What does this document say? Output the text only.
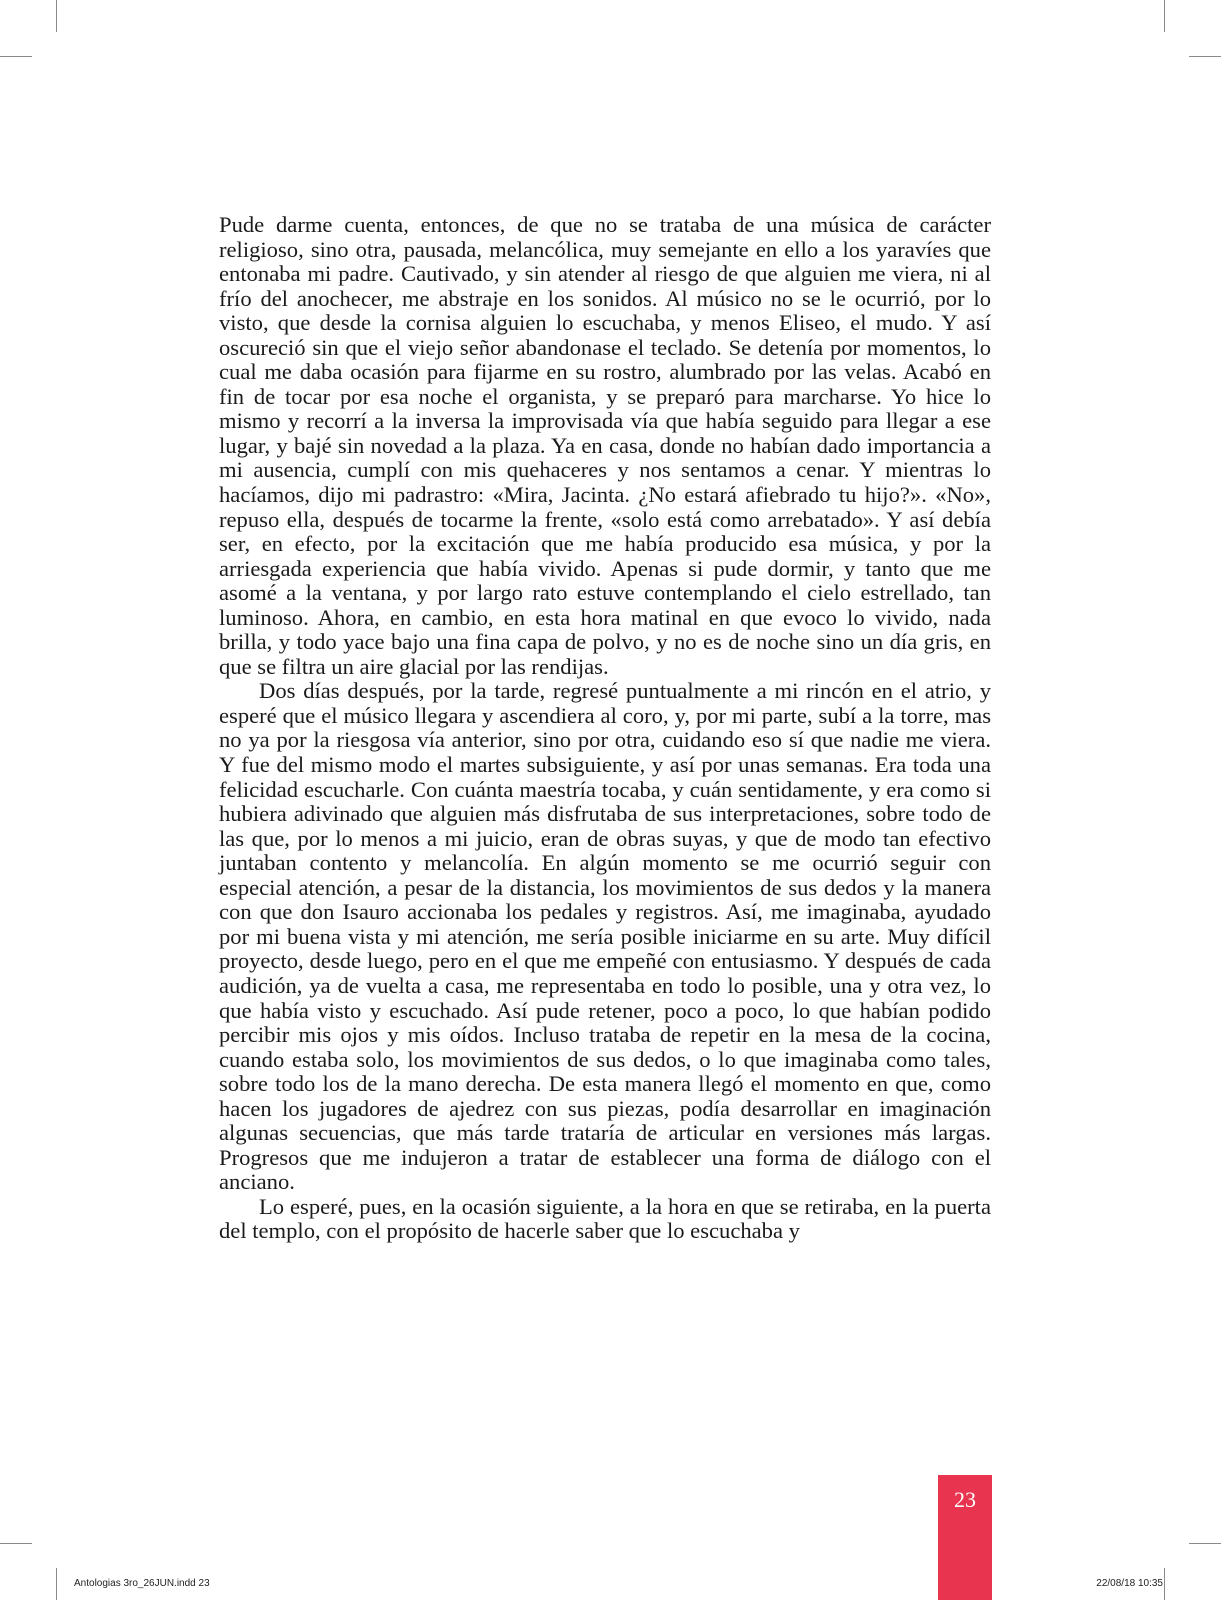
Pude darme cuenta, entonces, de que no se trataba de una música de carácter religioso, sino otra, pausada, melancólica, muy semejante en ello a los yaravíes que entonaba mi padre. Cautivado, y sin atender al riesgo de que alguien me viera, ni al frío del anochecer, me abstraje en los sonidos. Al músico no se le ocurrió, por lo visto, que desde la cornisa alguien lo escuchaba, y menos Eliseo, el mudo. Y así oscureció sin que el viejo señor abandonase el teclado. Se detenía por momentos, lo cual me daba ocasión para fijarme en su rostro, alumbrado por las velas. Acabó en fin de tocar por esa noche el organista, y se preparó para marcharse. Yo hice lo mismo y recorrí a la inversa la improvisada vía que había seguido para llegar a ese lugar, y bajé sin novedad a la plaza. Ya en casa, donde no habían dado importancia a mi ausencia, cumplí con mis quehaceres y nos sentamos a cenar. Y mientras lo hacíamos, dijo mi padrastro: «Mira, Jacinta. ¿No estará afiebrado tu hijo?». «No», repuso ella, después de tocarme la frente, «solo está como arrebatado». Y así debía ser, en efecto, por la excitación que me había producido esa música, y por la arriesgada experiencia que había vivido. Apenas si pude dormir, y tanto que me asomé a la ventana, y por largo rato estuve contemplando el cielo estrellado, tan luminoso. Ahora, en cambio, en esta hora matinal en que evoco lo vivido, nada brilla, y todo yace bajo una fina capa de polvo, y no es de noche sino un día gris, en que se filtra un aire glacial por las rendijas.

Dos días después, por la tarde, regresé puntualmente a mi rincón en el atrio, y esperé que el músico llegara y ascendiera al coro, y, por mi parte, subí a la torre, mas no ya por la riesgosa vía anterior, sino por otra, cuidando eso sí que nadie me viera. Y fue del mismo modo el martes subsiguiente, y así por unas semanas. Era toda una felicidad escucharle. Con cuánta maestría tocaba, y cuán sentidamente, y era como si hubiera adivinado que alguien más disfrutaba de sus interpretaciones, sobre todo de las que, por lo menos a mi juicio, eran de obras suyas, y que de modo tan efectivo juntaban contento y melancolía. En algún momento se me ocurrió seguir con especial atención, a pesar de la distancia, los movimientos de sus dedos y la manera con que don Isauro accionaba los pedales y registros. Así, me imaginaba, ayudado por mi buena vista y mi atención, me sería posible iniciarme en su arte. Muy difícil proyecto, desde luego, pero en el que me empeñé con entusiasmo. Y después de cada audición, ya de vuelta a casa, me representaba en todo lo posible, una y otra vez, lo que había visto y escuchado. Así pude retener, poco a poco, lo que habían podido percibir mis ojos y mis oídos. Incluso trataba de repetir en la mesa de la cocina, cuando estaba solo, los movimientos de sus dedos, o lo que imaginaba como tales, sobre todo los de la mano derecha. De esta manera llegó el momento en que, como hacen los jugadores de ajedrez con sus piezas, podía desarrollar en imaginación algunas secuencias, que más tarde trataría de articular en versiones más largas. Progresos que me indujeron a tratar de establecer una forma de diálogo con el anciano.

Lo esperé, pues, en la ocasión siguiente, a la hora en que se retiraba, en la puerta del templo, con el propósito de hacerle saber que lo escuchaba y

23
Antologias 3ro_26JUN.indd 23	22/08/18 10:35
